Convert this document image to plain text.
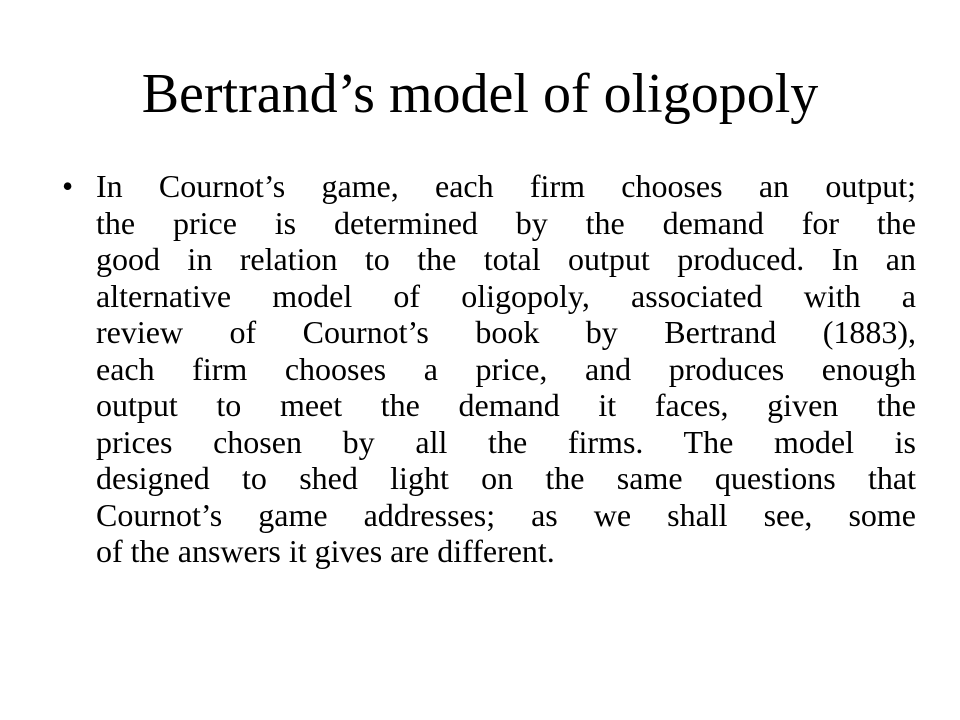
Bertrand’s model of oligopoly
• In Cournot’s game, each firm chooses an output;
the price is determined by the demand for the
good in relation to the total output produced. In an
alternative model of oligopoly, associated with a
review of Cournot’s book by Bertrand (1883),
each firm chooses a price, and produces enough
output to meet the demand it faces, given the
prices chosen by all the firms. The model is
designed to shed light on the same questions that
Cournot’s game addresses; as we shall see, some
of the answers it gives are different.
